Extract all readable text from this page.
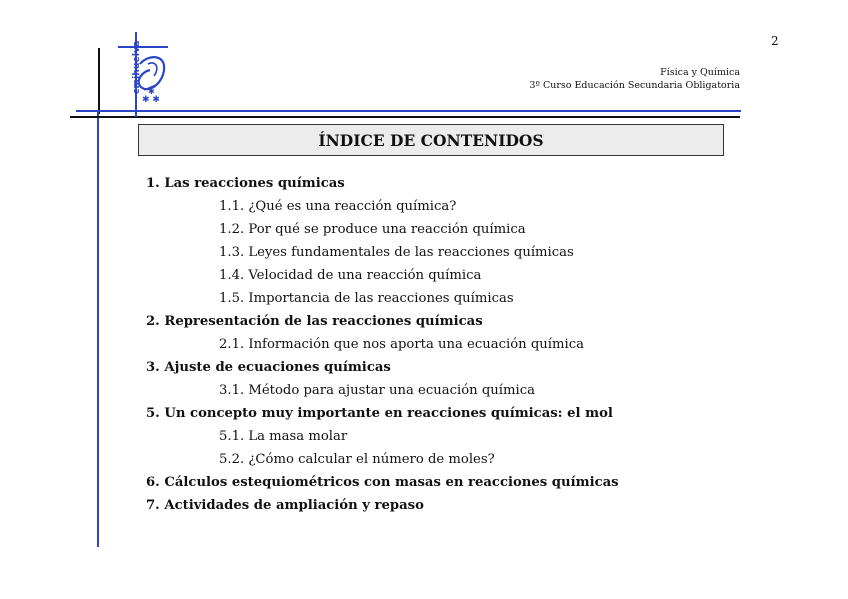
2
cmihuelva
✱ ✱
✱
Física y Química
3º Curso Educación Secundaria Obligatoria
ÍNDICE DE CONTENIDOS
1. Las reacciones químicas
1.1. ¿Qué es una reacción química?
1.2. Por qué se produce una reacción química
1.3. Leyes fundamentales de las reacciones químicas
1.4. Velocidad de una reacción química
1.5. Importancia de las reacciones químicas
2. Representación de las reacciones químicas
2.1. Información que nos aporta una ecuación química
3. Ajuste de ecuaciones químicas
3.1. Método para ajustar una ecuación química
5. Un concepto muy importante en reacciones químicas: el mol
5.1. La masa molar
5.2. ¿Cómo calcular el número de moles?
6. Cálculos estequiométricos con masas en reacciones químicas
7. Actividades de ampliación y repaso
